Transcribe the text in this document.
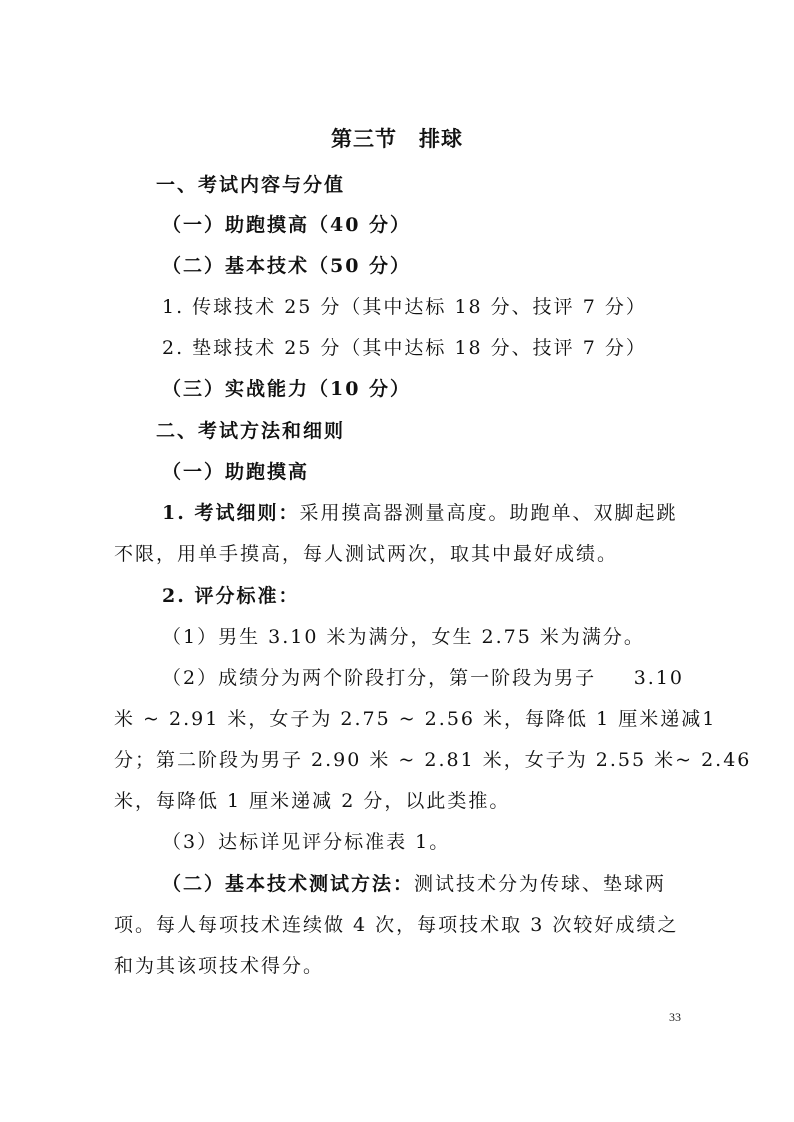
第三节 排球
一、考试内容与分值
（一）助跑摸高（40 分）
（二）基本技术（50 分）
1. 传球技术 25 分（其中达标 18 分、技评 7 分）
2. 垫球技术 25 分（其中达标 18 分、技评 7 分）
（三）实战能力（10 分）
二、考试方法和细则
（一）助跑摸高
1. 考试细则：采用摸高器测量高度。助跑单、双脚起跳
不限，用单手摸高，每人测试两次，取其中最好成绩。
2. 评分标准：
（1）男生 3.10 米为满分，女生 2.75 米为满分。
（2）成绩分为两个阶段打分，第一阶段为男子 3.10
米 ~ 2.91 米，女子为 2.75 ~ 2.56 米，每降低 1 厘米递减 1
分；第二阶段为男子 2.90 米 ~ 2.81 米，女子为 2.55 米 ~ 2.46
米，每降低 1 厘米递减 2 分，以此类推。
（3）达标详见评分标准表 1。
（二）基本技术测试方法：测试技术分为传球、垫球两
项。每人每项技术连续做 4 次，每项技术取 3 次较好成绩之
和为其该项技术得分。
33
